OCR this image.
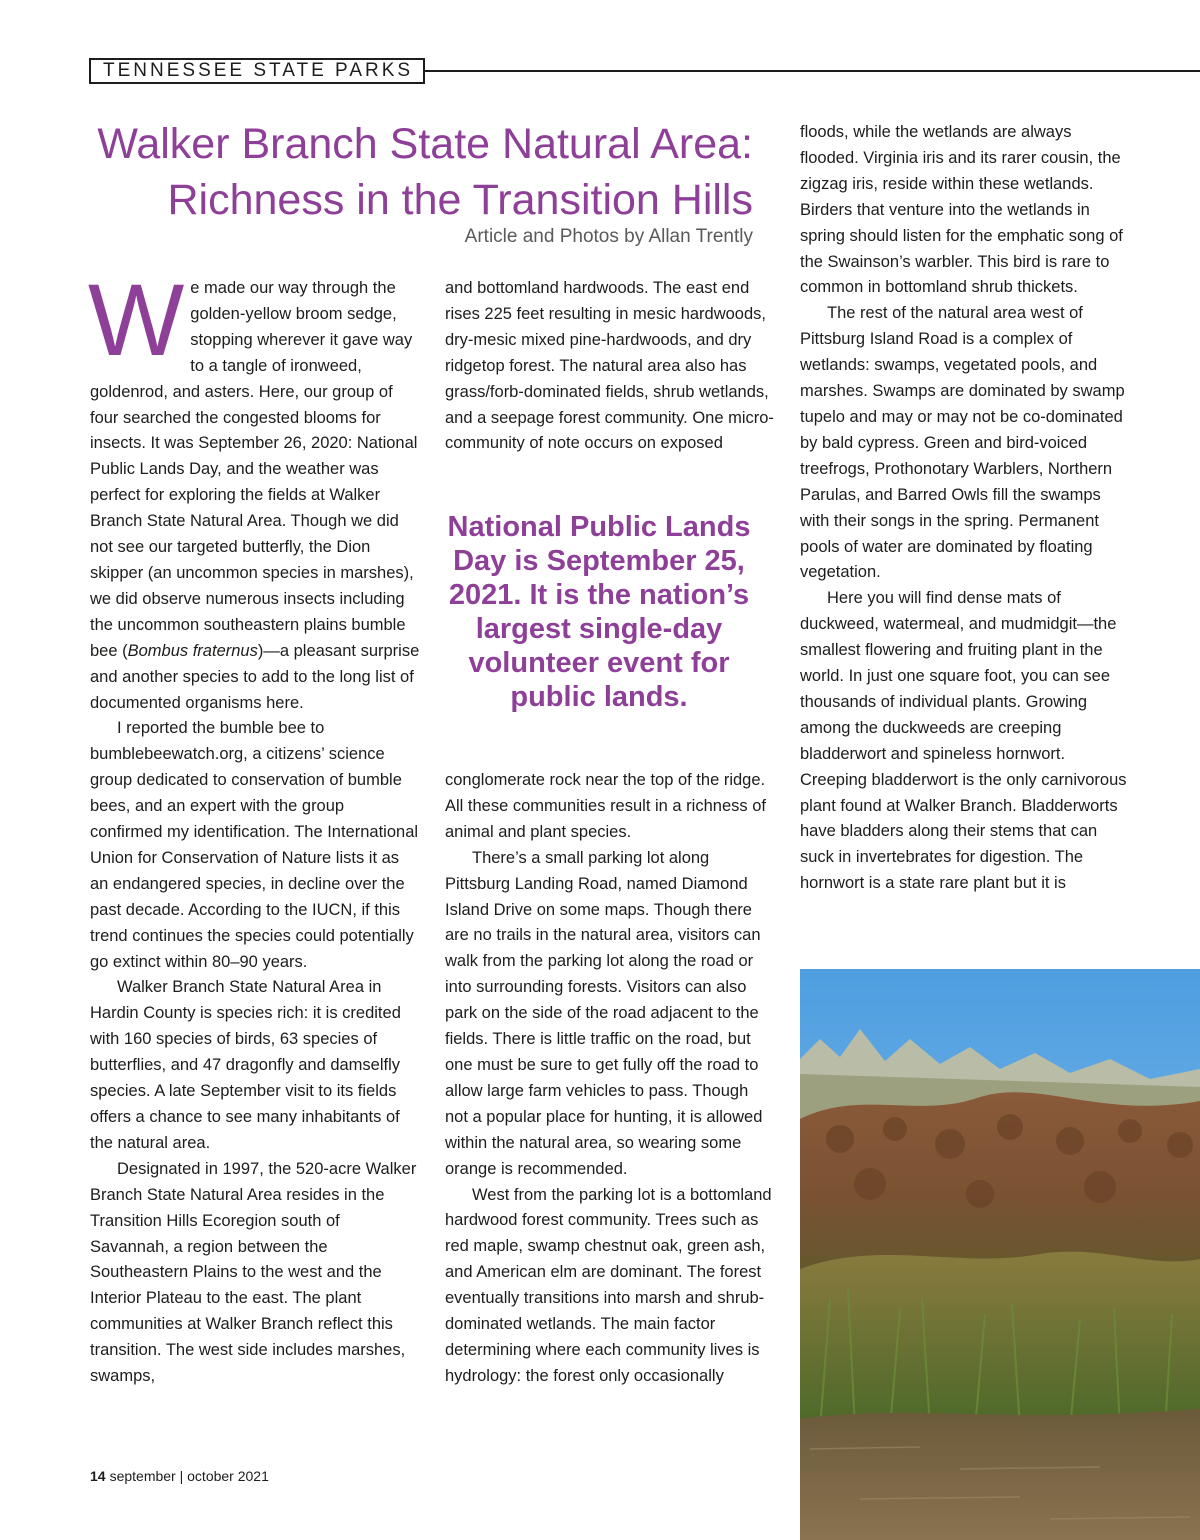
TENNESSEE STATE PARKS
Walker Branch State Natural Area:
Richness in the Transition Hills
Article and Photos by Allan Trently

We made our way through the golden-yellow broom sedge, stopping wherever it gave way to a tangle of ironweed, goldenrod, and asters. Here, our group of four searched the congested blooms for insects. It was September 26, 2020: National Public Lands Day, and the weather was perfect for exploring the fields at Walker Branch State Natural Area. Though we did not see our targeted butterfly, the Dion skipper (an uncommon species in marshes), we did observe numerous insects including the uncommon southeastern plains bumble bee (Bombus fraternus)—a pleasant surprise and another species to add to the long list of documented organisms here.

I reported the bumble bee to bumblebeewatch.org, a citizens’ science group dedicated to conservation of bumble bees, and an expert with the group confirmed my identification. The International Union for Conservation of Nature lists it as an endangered species, in decline over the past decade. According to the IUCN, if this trend continues the species could potentially go extinct within 80–90 years.

Walker Branch State Natural Area in Hardin County is species rich: it is credited with 160 species of birds, 63 species of butterflies, and 47 dragonfly and damselfly species. A late September visit to its fields offers a chance to see many inhabitants of the natural area.

Designated in 1997, the 520-acre Walker Branch State Natural Area resides in the Transition Hills Ecoregion south of Savannah, a region between the Southeastern Plains to the west and the Interior Plateau to the east. The plant communities at Walker Branch reflect this transition. The west side includes marshes, swamps,

and bottomland hardwoods. The east end rises 225 feet resulting in mesic hardwoods, dry-mesic mixed pine-hardwoods, and dry ridgetop forest. The natural area also has grass/forb-dominated fields, shrub wetlands, and a seepage forest community. One micro-community of note occurs on exposed

National Public Lands Day is September 25, 2021. It is the nation’s largest single-day volunteer event for public lands.

conglomerate rock near the top of the ridge. All these communities result in a richness of animal and plant species.

There’s a small parking lot along Pittsburg Landing Road, named Diamond Island Drive on some maps. Though there are no trails in the natural area, visitors can walk from the parking lot along the road or into surrounding forests. Visitors can also park on the side of the road adjacent to the fields. There is little traffic on the road, but one must be sure to get fully off the road to allow large farm vehicles to pass. Though not a popular place for hunting, it is allowed within the natural area, so wearing some orange is recommended.

West from the parking lot is a bottomland hardwood forest community. Trees such as red maple, swamp chestnut oak, green ash, and American elm are dominant. The forest eventually transitions into marsh and shrub-dominated wetlands. The main factor determining where each community lives is hydrology: the forest only occasionally

floods, while the wetlands are always flooded. Virginia iris and its rarer cousin, the zigzag iris, reside within these wetlands. Birders that venture into the wetlands in spring should listen for the emphatic song of the Swainson’s warbler. This bird is rare to common in bottomland shrub thickets.

The rest of the natural area west of Pittsburg Island Road is a complex of wetlands: swamps, vegetated pools, and marshes. Swamps are dominated by swamp tupelo and may or may not be co-dominated by bald cypress. Green and bird-voiced treefrogs, Prothonotary Warblers, Northern Parulas, and Barred Owls fill the swamps with their songs in the spring. Permanent pools of water are dominated by floating vegetation.

Here you will find dense mats of duckweed, watermeal, and mudmidgit—the smallest flowering and fruiting plant in the world. In just one square foot, you can see thousands of individual plants. Growing among the duckweeds are creeping bladderwort and spineless hornwort. Creeping bladderwort is the only carnivorous plant found at Walker Branch. Bladderworts have bladders along their stems that can suck in invertebrates for digestion. The hornwort is a state rare plant but it is

14 september | october 2021
